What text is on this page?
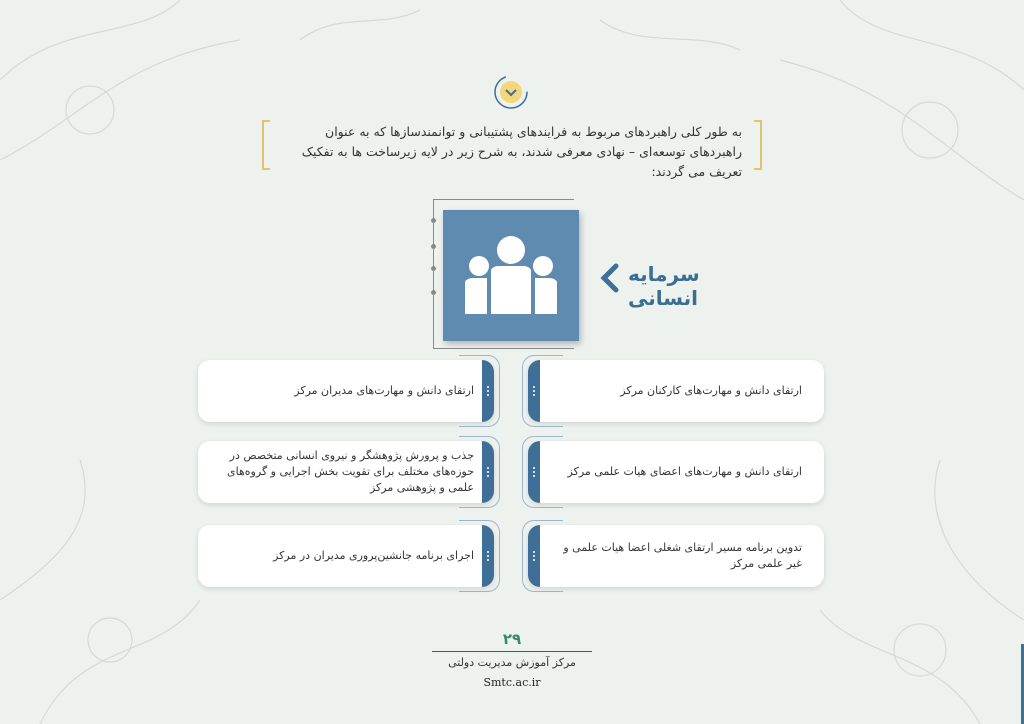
به طور کلی راهبردهای مربوط به فرایندهای پشتیبانی و توانمندسازها که به عنوان راهبردهای توسعه‌ای – نهادی معرفی شدند، به شرح زیر در لایه زیرساخت ها به تفکیک تعریف می گردند:
سرمایه انسانی
ارتقای دانش و مهارت‌های مدیران مرکز	ارتقای دانش و مهارت‌های کارکنان مرکز
جذب و پرورش پژوهشگر و نیروی انسانی متخصص در حوزه‌های مختلف برای تقویت بخش اجرایی و گروه‌های علمی و پژوهشی مرکز
ارتقای دانش و مهارت‌های اعضای هیات علمی مرکز
اجرای برنامه جانشین‌پروری مدیران در مرکز
تدوین برنامه مسیر ارتقای شغلی اعضا هیات علمی و غیر علمی مرکز
۲۹
مرکز آموزش مدیریت دولتی
Smtc.ac.ir
